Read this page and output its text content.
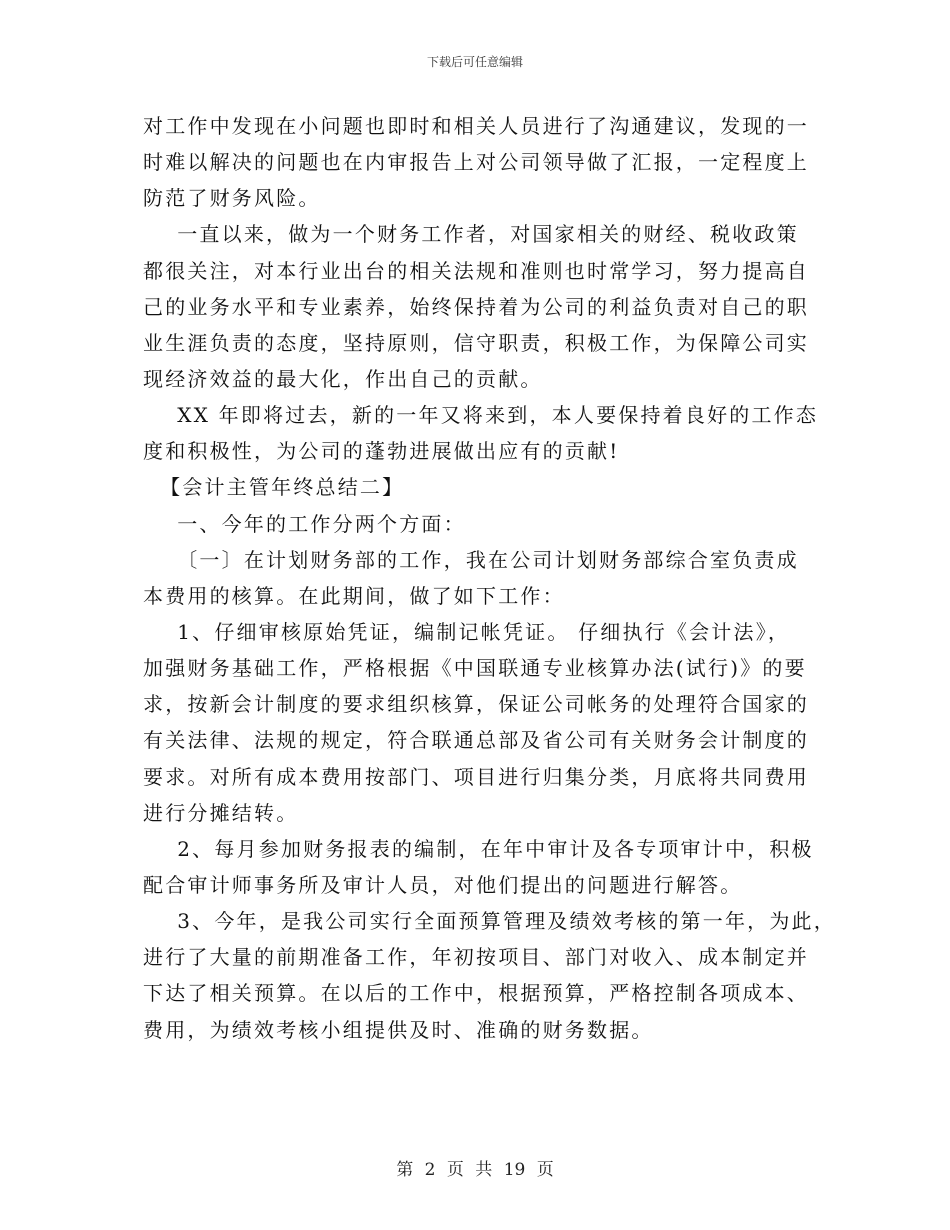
下载后可任意编辑
对工作中发现在小问题也即时和相关人员进行了沟通建议，发现的一
时难以解决的问题也在内审报告上对公司领导做了汇报，一定程度上
防范了财务风险。
一直以来，做为一个财务工作者，对国家相关的财经、税收政策
都很关注，对本行业出台的相关法规和准则也时常学习，努力提高自
己的业务水平和专业素养，始终保持着为公司的利益负责对自己的职
业生涯负责的态度，坚持原则，信守职责，积极工作，为保障公司实
现经济效益的最大化，作出自己的贡献。
XX 年即将过去，新的一年又将来到，本人要保持着良好的工作态
度和积极性，为公司的蓬勃进展做出应有的贡献!
【会计主管年终总结二】
一、今年的工作分两个方面：
〔一〕在计划财务部的工作，我在公司计划财务部综合室负责成
本费用的核算。在此期间，做了如下工作：
1、仔细审核原始凭证，编制记帐凭证。 仔细执行《会计法》，
加强财务基础工作，严格根据《中国联通专业核算办法(试行)》的要
求，按新会计制度的要求组织核算，保证公司帐务的处理符合国家的
有关法律、法规的规定，符合联通总部及省公司有关财务会计制度的
要求。对所有成本费用按部门、项目进行归集分类，月底将共同费用
进行分摊结转。
2、每月参加财务报表的编制，在年中审计及各专项审计中，积极
配合审计师事务所及审计人员，对他们提出的问题进行解答。
3、今年，是我公司实行全面预算管理及绩效考核的第一年，为此，
进行了大量的前期准备工作，年初按项目、部门对收入、成本制定并
下达了相关预算。在以后的工作中，根据预算，严格控制各项成本、
费用，为绩效考核小组提供及时、准确的财务数据。
第 2 页 共 19 页
